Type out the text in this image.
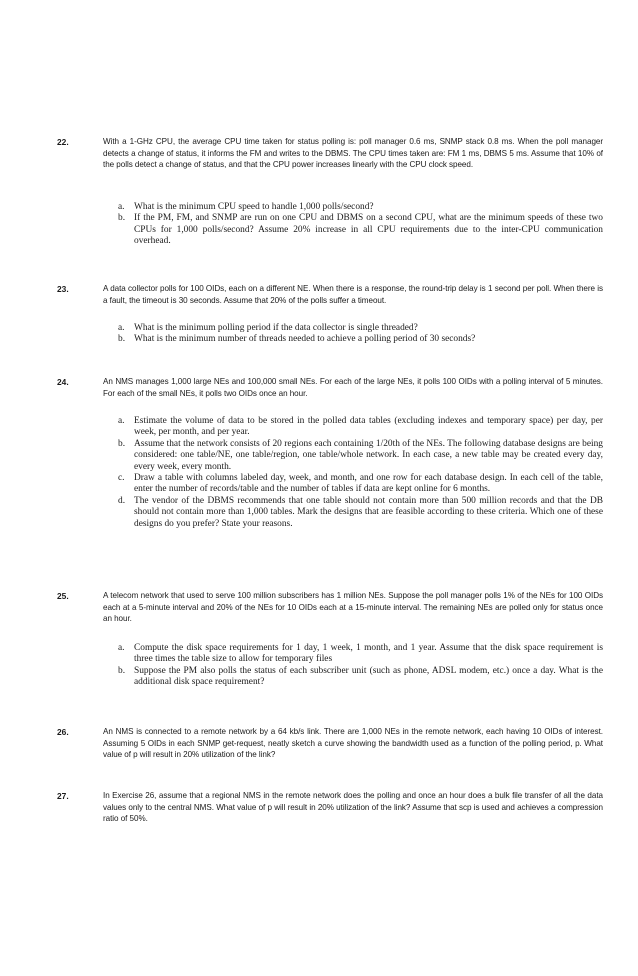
22.	With a 1-GHz CPU, the average CPU time taken for status polling is: poll manager 0.6 ms, SNMP stack 0.8 ms. When the poll manager detects a change of status, it informs the FM and writes to the DBMS. The CPU times taken are: FM 1 ms, DBMS 5 ms. Assume that 10% of the polls detect a change of status, and that the CPU power increases linearly with the CPU clock speed.
a. What is the minimum CPU speed to handle 1,000 polls/second?
b. If the PM, FM, and SNMP are run on one CPU and DBMS on a second CPU, what are the minimum speeds of these two CPUs for 1,000 polls/second? Assume 20% increase in all CPU requirements due to the inter-CPU communication overhead.
23.	A data collector polls for 100 OIDs, each on a different NE. When there is a response, the round-trip delay is 1 second per poll. When there is a fault, the timeout is 30 seconds. Assume that 20% of the polls suffer a timeout.
a. What is the minimum polling period if the data collector is single threaded?
b. What is the minimum number of threads needed to achieve a polling period of 30 seconds?
24.	An NMS manages 1,000 large NEs and 100,000 small NEs. For each of the large NEs, it polls 100 OIDs with a polling interval of 5 minutes. For each of the small NEs, it polls two OIDs once an hour.
a. Estimate the volume of data to be stored in the polled data tables (excluding indexes and temporary space) per day, per week, per month, and per year.
b. Assume that the network consists of 20 regions each containing 1/20th of the NEs. The following database designs are being considered: one table/NE, one table/region, one table/whole network. In each case, a new table may be created every day, every week, every month.
c. Draw a table with columns labeled day, week, and month, and one row for each database design. In each cell of the table, enter the number of records/table and the number of tables if data are kept online for 6 months.
d. The vendor of the DBMS recommends that one table should not contain more than 500 million records and that the DB should not contain more than 1,000 tables. Mark the designs that are feasible according to these criteria. Which one of these designs do you prefer? State your reasons.
25.	A telecom network that used to serve 100 million subscribers has 1 million NEs. Suppose the poll manager polls 1% of the NEs for 100 OIDs each at a 5-minute interval and 20% of the NEs for 10 OIDs each at a 15-minute interval. The remaining NEs are polled only for status once an hour.
a. Compute the disk space requirements for 1 day, 1 week, 1 month, and 1 year. Assume that the disk space requirement is three times the table size to allow for temporary files
b. Suppose the PM also polls the status of each subscriber unit (such as phone, ADSL modem, etc.) once a day. What is the additional disk space requirement?
26.	An NMS is connected to a remote network by a 64 kb/s link. There are 1,000 NEs in the remote network, each having 10 OIDs of interest. Assuming 5 OIDs in each SNMP get-request, neatly sketch a curve showing the bandwidth used as a function of the polling period, p. What value of p will result in 20% utilization of the link?
27.	In Exercise 26, assume that a regional NMS in the remote network does the polling and once an hour does a bulk file transfer of all the data values only to the central NMS. What value of p will result in 20% utilization of the link? Assume that scp is used and achieves a compression ratio of 50%.
